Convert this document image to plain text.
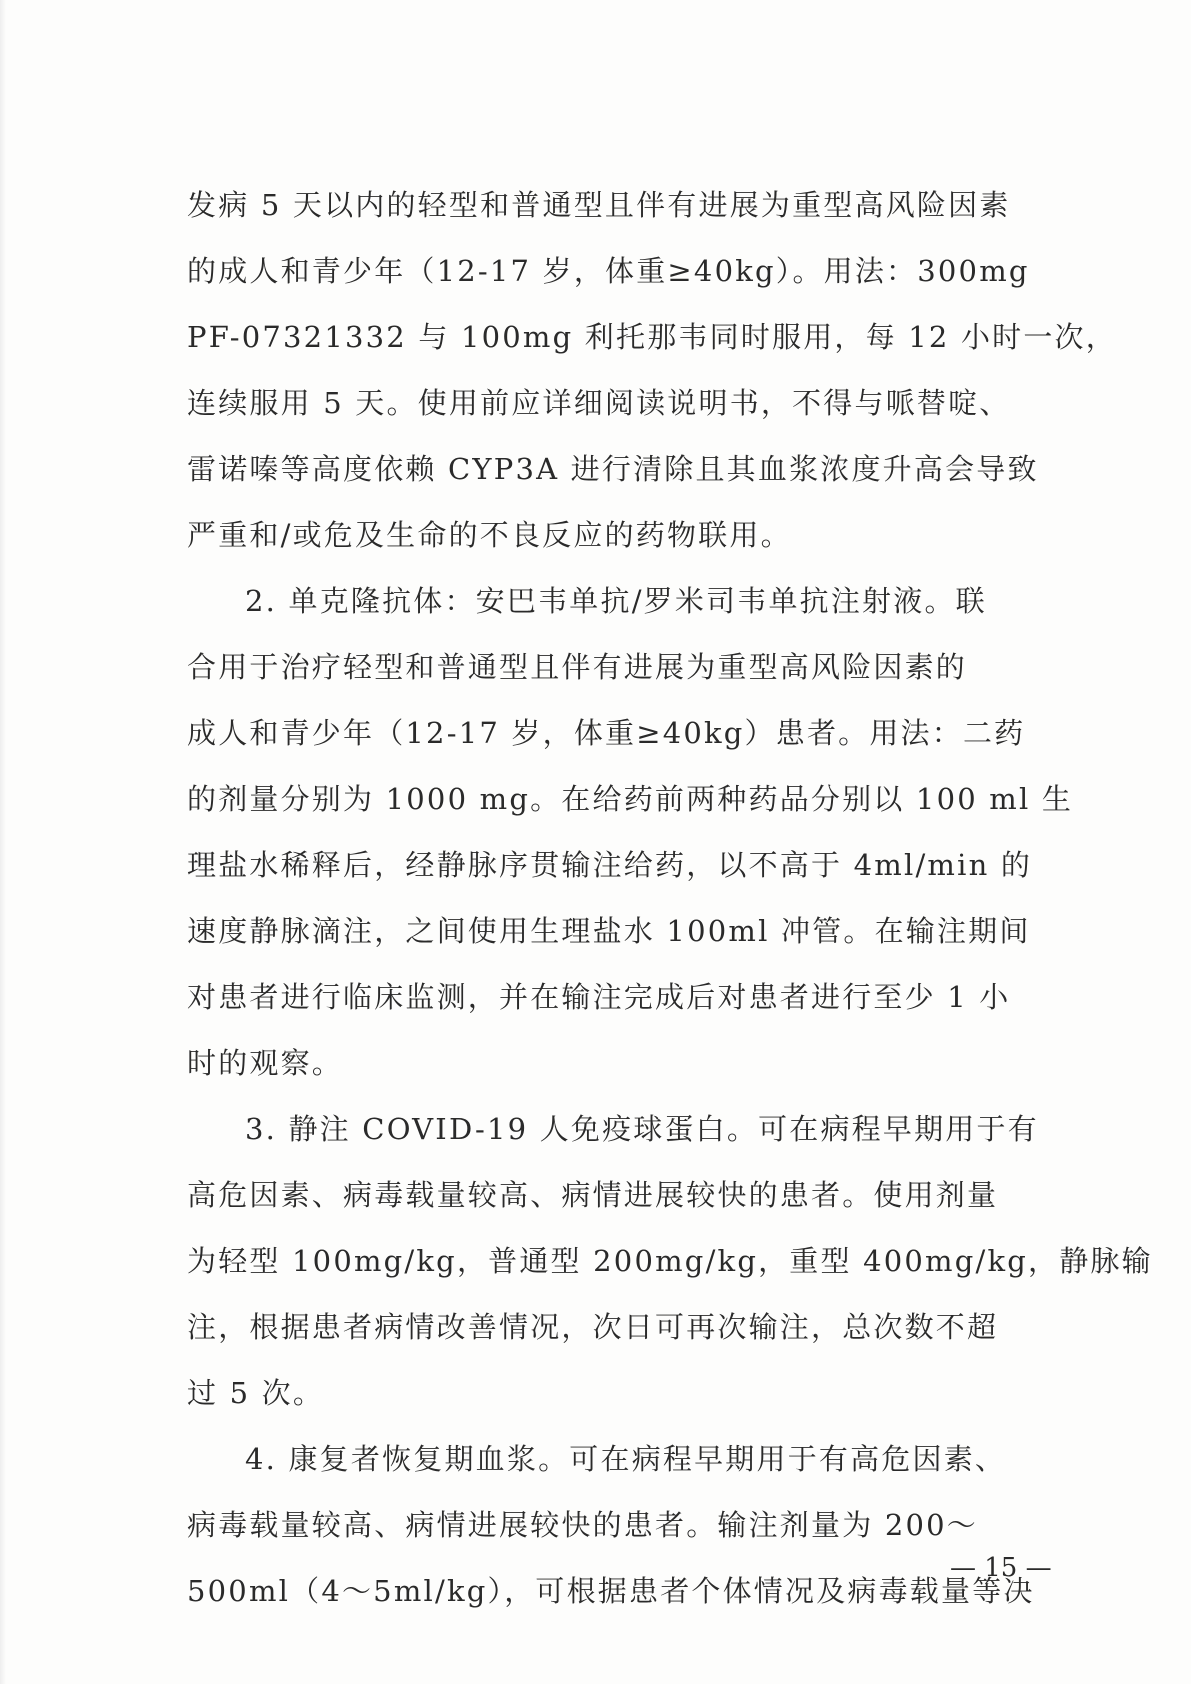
发病 5 天以内的轻型和普通型且伴有进展为重型高风险因素
的成人和青少年（12-17 岁，体重≥40kg）。用法：300mg
PF-07321332 与 100mg 利托那韦同时服用，每 12 小时一次，
连续服用 5 天。使用前应详细阅读说明书，不得与哌替啶、
雷诺嗪等高度依赖 CYP3A 进行清除且其血浆浓度升高会导致
严重和/或危及生命的不良反应的药物联用。
2. 单克隆抗体：安巴韦单抗/罗米司韦单抗注射液。联
合用于治疗轻型和普通型且伴有进展为重型高风险因素的
成人和青少年（12-17 岁，体重≥40kg）患者。用法：二药
的剂量分别为 1000 mg。在给药前两种药品分别以 100 ml 生
理盐水稀释后，经静脉序贯输注给药，以不高于 4ml/min 的
速度静脉滴注，之间使用生理盐水 100ml 冲管。在输注期间
对患者进行临床监测，并在输注完成后对患者进行至少 1 小
时的观察。
3. 静注 COVID-19 人免疫球蛋白。可在病程早期用于有
高危因素、病毒载量较高、病情进展较快的患者。使用剂量
为轻型 100mg/kg，普通型 200mg/kg，重型 400mg/kg，静脉输
注，根据患者病情改善情况，次日可再次输注，总次数不超
过 5 次。
4. 康复者恢复期血浆。可在病程早期用于有高危因素、
病毒载量较高、病情进展较快的患者。输注剂量为 200～
500ml（4～5ml/kg），可根据患者个体情况及病毒载量等决
— 15 —
